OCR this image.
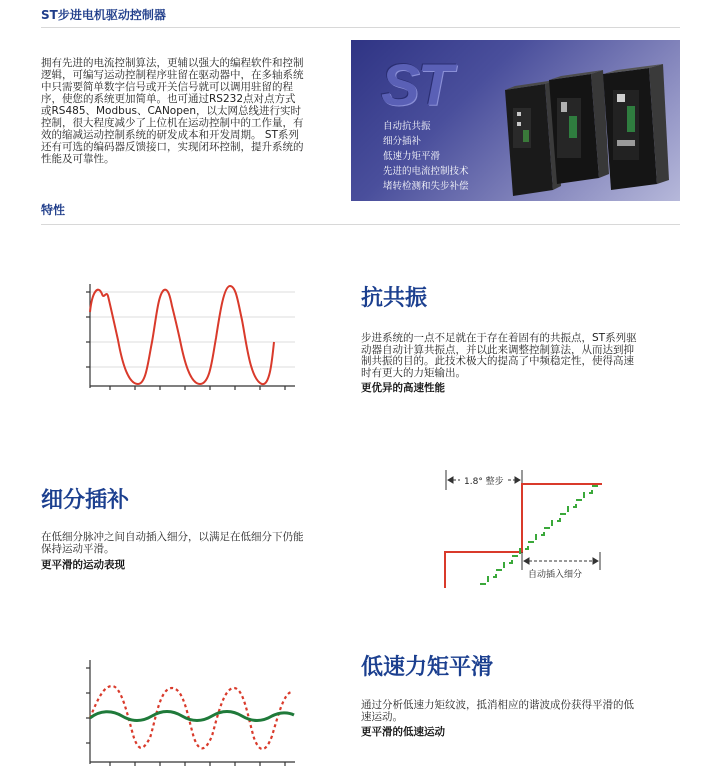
ST步进电机驱动控制器
拥有先进的电流控制算法，更辅以强大的编程软件和控制
逻辑，可编写运动控制程序驻留在驱动器中，在多轴系统
中只需要简单数字信号或开关信号就可以调用驻留的程
序，使您的系统更加简单。也可通过RS232点对点方式
或RS485、Modbus、CANopen，以太网总线进行实时
控制，很大程度减少了上位机在运动控制中的工作量，有
效的缩减运动控制系统的研发成本和开发周期。 ST系列
还有可选的编码器反馈接口，实现闭环控制，提升系统的
性能及可靠性。
ST
自动抗共振
细分插补
低速力矩平滑
先进的电流控制技术
堵转检测和失步补偿
特性
抗共振
步进系统的一点不足就在于存在着固有的共振点，ST系列驱
动器自动计算共振点，并以此来调整控制算法，从而达到抑
制共振的目的。此技术极大的提高了中频稳定性，使得高速
时有更大的力矩输出。
更优异的高速性能
细分插补
在低细分脉冲之间自动插入细分，以满足在低细分下仍能
保持运动平滑。
更平滑的运动表现
1.8° 整步
自动插入细分
低速力矩平滑
通过分析低速力矩纹波，抵消相应的谐波成份获得平滑的低
速运动。
更平滑的低速运动
